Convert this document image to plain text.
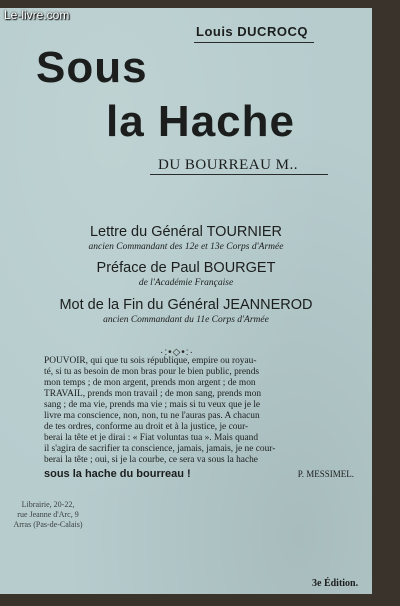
Le-livre.com
Louis DUCROCQ
Sous
la Hache
DU BOURREAU M..
Lettre du Général TOURNIER
ancien Commandant des 12e et 13e Corps d'Armée
Préface de Paul BOURGET
de l'Académie Française
Mot de la Fin du Général JEANNEROD
ancien Commandant du 11e Corps d'Armée
·:•◇•:·
POUVOIR, qui que tu sois république, empire ou royau-
té, si tu as besoin de mon bras pour le bien public, prends
mon temps ; de mon argent, prends mon argent ; de mon
TRAVAIL, prends mon travail ; de mon sang, prends mon
sang ; de ma vie, prends ma vie ; mais si tu veux que je le
livre ma conscience, non, non, tu ne l'auras pas. A chacun
de tes ordres, conforme au droit et à la justice, je cour-
berai la tête et je dirai : « Fiat voluntas tua ». Mais quand
il s'agira de sacrifier ta conscience, jamais, jamais, je ne cour-
berai la tête ; oui, si je la courbe, ce sera va sous la hache
sous la hache du bourreau !	P. MESSIMEL.
Librairie, 20-22,
rue Jeanne d'Arc, 9
Arras (Pas-de-Calais)
3e Édition.
